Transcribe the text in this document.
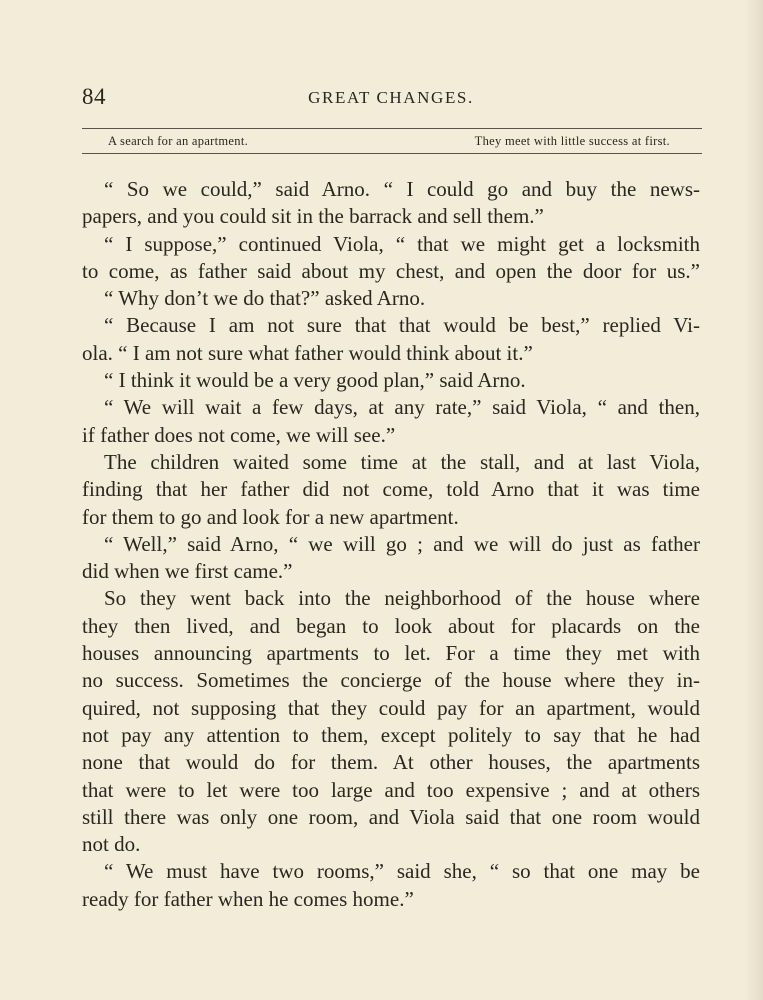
84	GREAT CHANGES.
A search for an apartment.	They meet with little success at first.
“ So we could,” said Arno. “ I could go and buy the news-
papers, and you could sit in the barrack and sell them.”
“ I suppose,” continued Viola, “ that we might get a locksmith
to come, as father said about my chest, and open the door for us.”
“ Why don’t we do that?” asked Arno.
“ Because I am not sure that that would be best,” replied Vi-
ola. “ I am not sure what father would think about it.”
“ I think it would be a very good plan,” said Arno.
“ We will wait a few days, at any rate,” said Viola, “ and then,
if father does not come, we will see.”
The children waited some time at the stall, and at last Viola,
finding that her father did not come, told Arno that it was time
for them to go and look for a new apartment.
“ Well,” said Arno, “ we will go ; and we will do just as father
did when we first came.”
So they went back into the neighborhood of the house where
they then lived, and began to look about for placards on the
houses announcing apartments to let. For a time they met with
no success. Sometimes the concierge of the house where they in-
quired, not supposing that they could pay for an apartment, would
not pay any attention to them, except politely to say that he had
none that would do for them. At other houses, the apartments
that were to let were too large and too expensive ; and at others
still there was only one room, and Viola said that one room would
not do.
“ We must have two rooms,” said she, “ so that one may be
ready for father when he comes home.”
